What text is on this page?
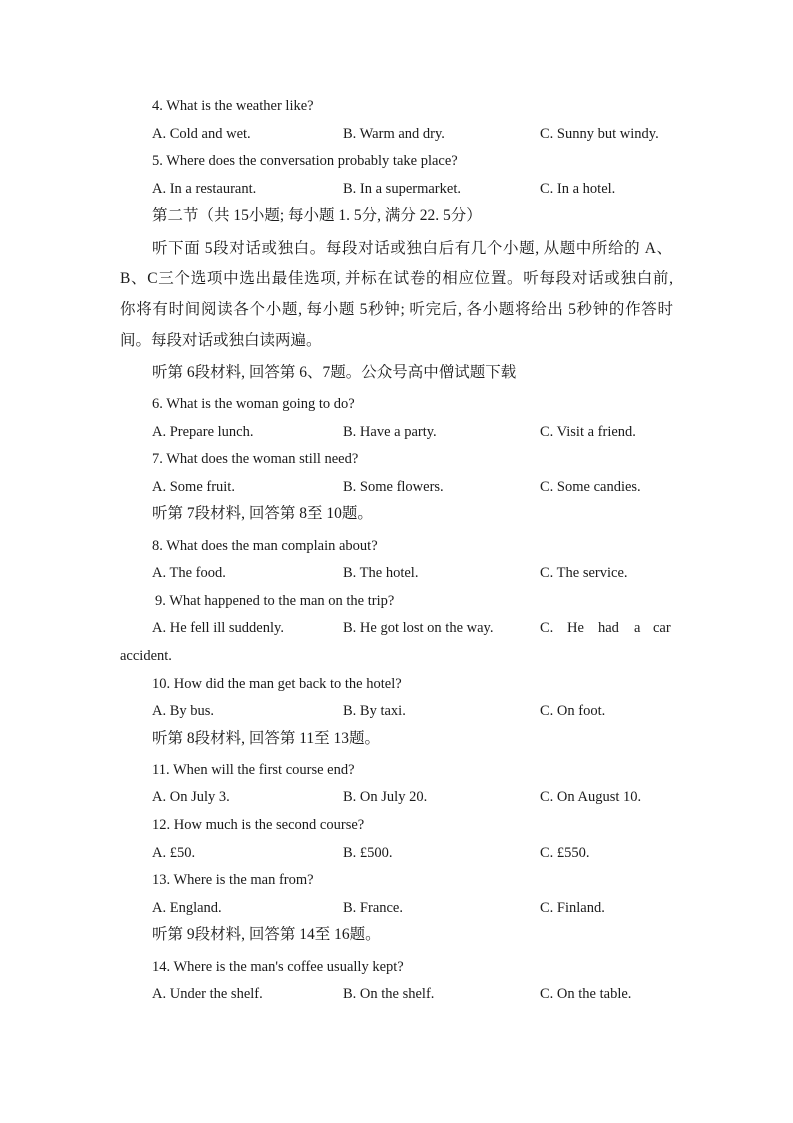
4. What is the weather like?
A. Cold and wet.	B. Warm and dry.	C. Sunny but windy.
5. Where does the conversation probably take place?
A. In a restaurant.	B. In a supermarket.	C. In a hotel.
第二节（共 15小题; 每小题 1. 5分, 满分 22. 5分）
听下面 5段对话或独白。每段对话或独白后有几个小题, 从题中所给的 A、
B、C三个选项中选出最佳选项, 并标在试卷的相应位置。听每段对话或独白前,
你将有时间阅读各个小题, 每小题 5秒钟; 听完后, 各小题将给出 5秒钟的作答时
间。每段对话或独白读两遍。
听第 6段材料, 回答第 6、7题。公众号高中僧试题下载
6. What is the woman going to do?
A. Prepare lunch.	B. Have a party.	C. Visit a friend.
7. What does the woman still need?
A. Some fruit.	B. Some flowers.	C. Some candies.
听第 7段材料, 回答第 8至 10题。
8. What does the man complain about?
A. The food.	B. The hotel.	C. The service.
9. What happened to the man on the trip?
A. He fell ill suddenly.	B. He got lost on the way.	C. He had a car
accident.
10. How did the man get back to the hotel?
A. By bus.	B. By taxi.	C. On foot.
听第 8段材料, 回答第 11至 13题。
11. When will the first course end?
A. On July 3.	B. On July 20.	C. On August 10.
12. How much is the second course?
A. £50.	B. £500.	C. £550.
13. Where is the man from?
A. England.	B. France.	C. Finland.
听第 9段材料, 回答第 14至 16题。
14. Where is the man's coffee usually kept?
A. Under the shelf.	B. On the shelf.	C. On the table.
